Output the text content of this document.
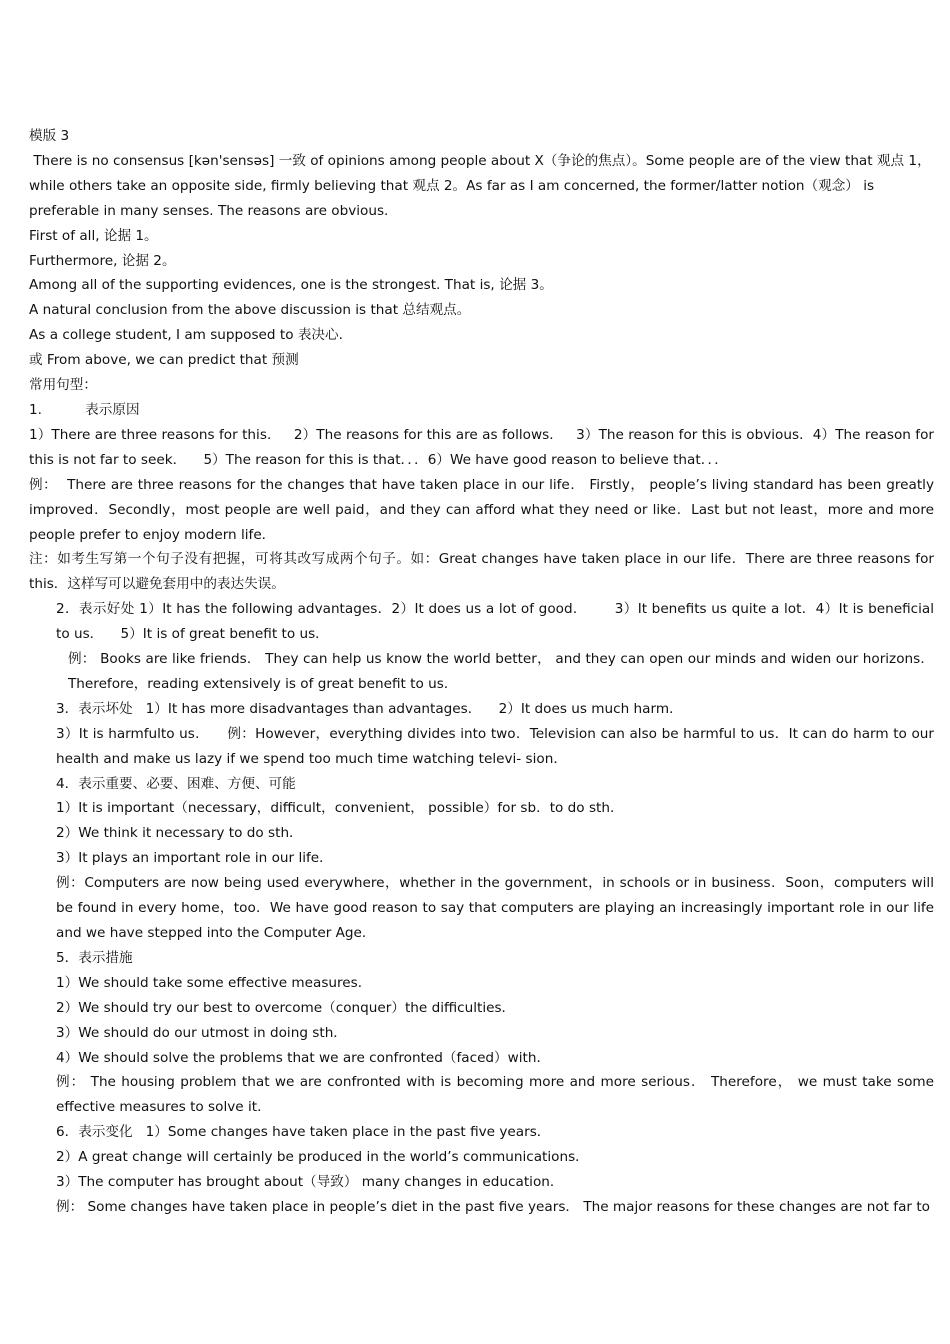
模版 3

There is no consensus [kən'sensəs] 一致 of opinions among people about X（争论的焦点）。Some people are of the view that 观点 1，while others take an opposite side, firmly believing that 观点 2。As far as I am concerned, the former/latter notion（观念） is preferable in many senses. The reasons are obvious.

First of all, 论据 1。

Furthermore, 论据 2。

Among all of the supporting evidences, one is the strongest. That is, 论据 3。

A natural conclusion from the above discussion is that 总结观点。

As a college student, I am supposed to 表决心.

或 From above, we can predict that 预测

常用句型：

1.          表示原因

1）There are three reasons for this．   2）The reasons for this are as follows．   3）The reason for this is obvious．4）The reason for this is not far to seek．    5）The reason for this is that．．．6）We have good reason to believe that．．．

例：  There are three reasons for the changes that have taken place in our life． Firstly， people’s living standard has been greatly improved．Secondly，most people are well paid，and they can afford what they need or like．Last but not least，more and more people prefer to enjoy modern life．

注：如考生写第一个句子没有把握，可将其改写成两个句子。如：Great changes have taken place in our life．There are three reasons for this．这样写可以避免套用中的表达失误。

2．表示好处 1）It has the following advantages．2）It does us a lot of good．      3）It benefits us quite a lot．4）It is beneficial to us．    5）It is of great benefit to us．

例： Books are like friends． They can help us know the world better， and they can open our minds and widen our horizons．Therefore，reading extensively is of great benefit to us．

3．表示坏处   1）It has more disadvantages than advantages．    2）It does us much harm．

3）It is harmfulto us．    例：However，everything divides into two．Television can also be harmful to us．It can do harm to our health and make us lazy if we spend too much time watching televi- sion．

4．表示重要、必要、困难、方便、可能

1）It is important（necessary，difficult，convenient， possible）for sb．to do sth．

2）We think it necessary to do sth．

3）It plays an important role in our life．

例：Computers are now being used everywhere，whether in the government，in schools or in business．Soon，computers will be found in every home，too．We have good reason to say that computers are playing an increasingly important role in our life and we have stepped into the Computer Age．

5．表示措施

1）We should take some effective measures．

2）We should try our best to overcome（conquer）the difficulties．

3）We should do our utmost in doing sth．

4）We should solve the problems that we are confronted（faced）with．

例： The housing problem that we are confronted with is becoming more and more serious． Therefore， we must take some effective measures to solve it．

6．表示变化   1）Some changes have taken place in the past five years．

2）A great change will certainly be produced in the world’s communications．

3）The computer has brought about（导致） many changes in education．

例： Some changes have taken place in people’s diet in the past five years． The major reasons for these changes are not far to
